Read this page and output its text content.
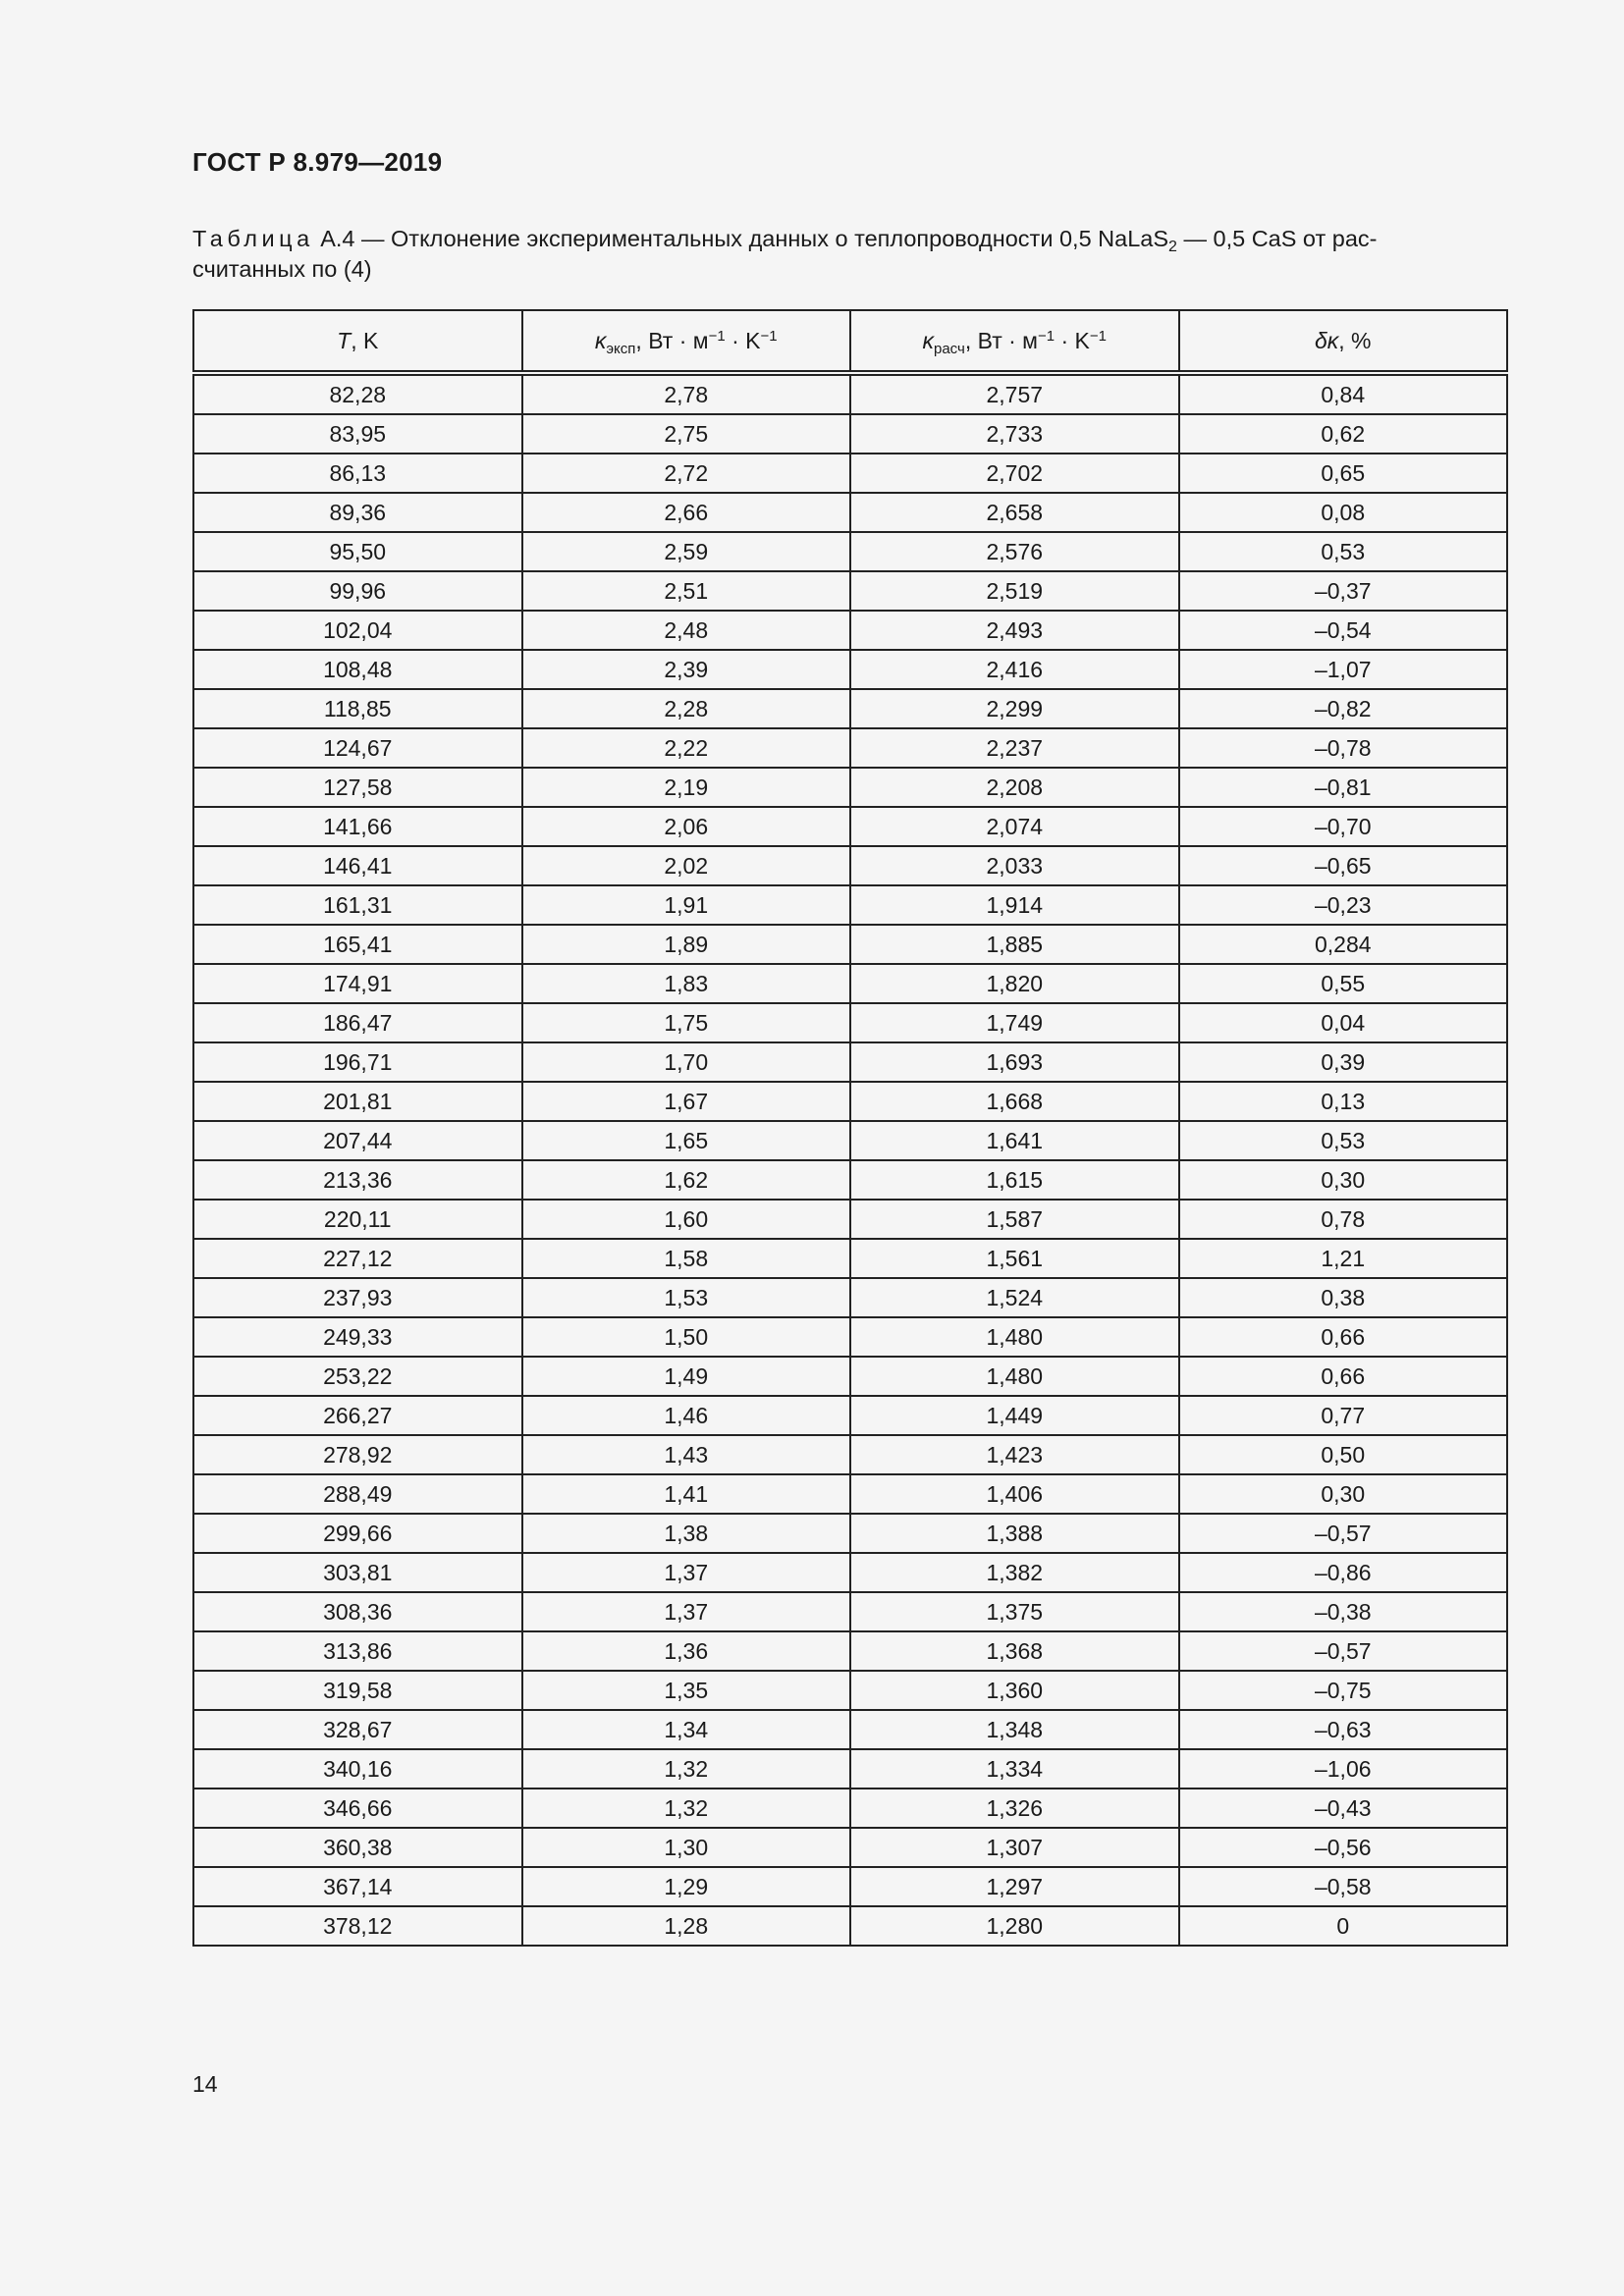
ГОСТ Р 8.979—2019
Таблица А.4 — Отклонение экспериментальных данных о теплопроводности 0,5 NaLaS$_2$ — 0,5 CaS от рас-
считанных по (4)
T, K	$\kappa_{эксп}$, Вт · $м^{-1} \cdot K^{-1}$	$\kappa_{расч}$, Вт · $м^{-1} \cdot K^{-1}$	δκ, %
82,28	2,78	2,757	0,84
83,95	2,75	2,733	0,62
86,13	2,72	2,702	0,65
89,36	2,66	2,658	0,08
95,50	2,59	2,576	0,53
99,96	2,51	2,519	–0,37
102,04	2,48	2,493	–0,54
108,48	2,39	2,416	–1,07
118,85	2,28	2,299	–0,82
124,67	2,22	2,237	–0,78
127,58	2,19	2,208	–0,81
141,66	2,06	2,074	–0,70
146,41	2,02	2,033	–0,65
161,31	1,91	1,914	–0,23
165,41	1,89	1,885	0,284
174,91	1,83	1,820	0,55
186,47	1,75	1,749	0,04
196,71	1,70	1,693	0,39
201,81	1,67	1,668	0,13
207,44	1,65	1,641	0,53
213,36	1,62	1,615	0,30
220,11	1,60	1,587	0,78
227,12	1,58	1,561	1,21
237,93	1,53	1,524	0,38
249,33	1,50	1,480	0,66
253,22	1,49	1,480	0,66
266,27	1,46	1,449	0,77
278,92	1,43	1,423	0,50
288,49	1,41	1,406	0,30
299,66	1,38	1,388	–0,57
303,81	1,37	1,382	–0,86
308,36	1,37	1,375	–0,38
313,86	1,36	1,368	–0,57
319,58	1,35	1,360	–0,75
328,67	1,34	1,348	–0,63
340,16	1,32	1,334	–1,06
346,66	1,32	1,326	–0,43
360,38	1,30	1,307	–0,56
367,14	1,29	1,297	–0,58
378,12	1,28	1,280	0
14
